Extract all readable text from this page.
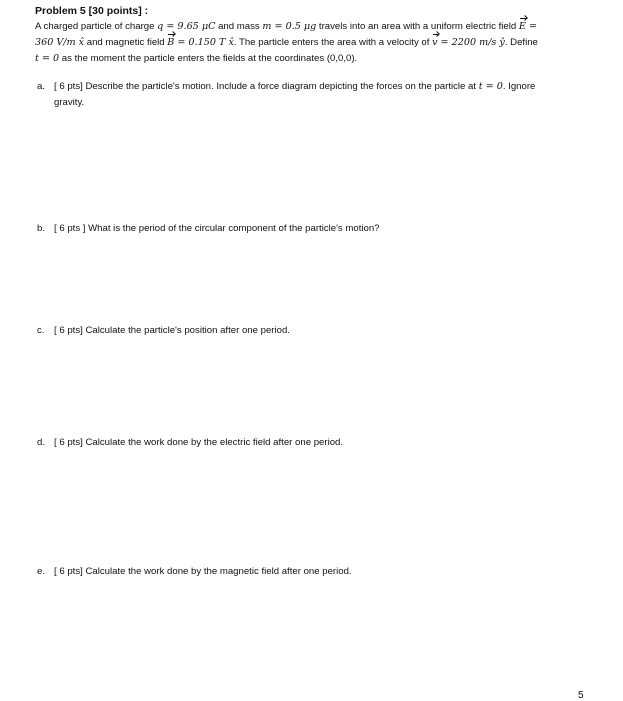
Problem 5 [30 points] :
A charged particle of charge q = 9.65 μC and mass m = 0.5 μg travels into an area with a uniform electric field E =
360 V/m x̂ and magnetic field B = 0.150 T x̂. The particle enters the area with a velocity of v = 2200 m/s ŷ. Define
t = 0 as the moment the particle enters the fields at the coordinates (0,0,0).
a. [ 6 pts] Describe the particle's motion. Include a force diagram depicting the forces on the particle at t = 0. Ignore
gravity.
b. [ 6 pts ] What is the period of the circular component of the particle's motion?
c. [ 6 pts] Calculate the particle's position after one period.
d. [ 6 pts] Calculate the work done by the electric field after one period.
e. [ 6 pts] Calculate the work done by the magnetic field after one period.
5
